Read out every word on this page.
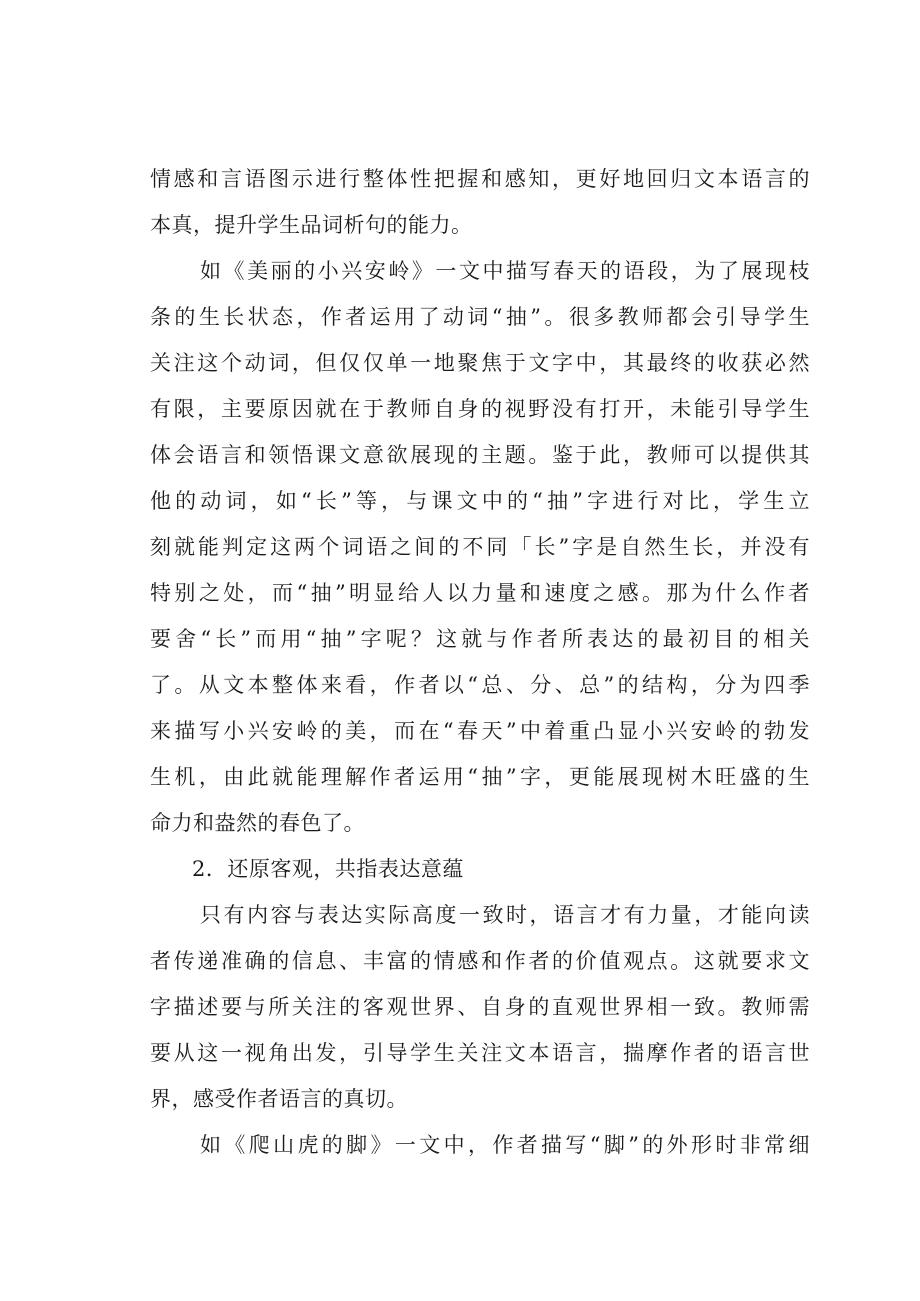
情感和言语图示进行整体性把握和感知，更好地回归文本语言的
本真，提升学生品词析句的能力。
如《美丽的小兴安岭》一文中描写春天的语段，为了展现枝
条的生长状态，作者运用了动词“抽”。很多教师都会引导学生
关注这个动词，但仅仅单一地聚焦于文字中，其最终的收获必然
有限，主要原因就在于教师自身的视野没有打开，未能引导学生
体会语言和领悟课文意欲展现的主题。鉴于此，教师可以提供其
他的动词，如“长”等，与课文中的“抽”字进行对比，学生立
刻就能判定这两个词语之间的不同「长”字是自然生长，并没有
特别之处，而“抽”明显给人以力量和速度之感。那为什么作者
要舍“长”而用“抽”字呢？这就与作者所表达的最初目的相关
了。从文本整体来看，作者以“总、分、总”的结构，分为四季
来描写小兴安岭的美，而在“春天”中着重凸显小兴安岭的勃发
生机，由此就能理解作者运用“抽”字，更能展现树木旺盛的生
命力和盎然的春色了。
2．还原客观，共指表达意蕴
只有内容与表达实际高度一致时，语言才有力量，才能向读
者传递准确的信息、丰富的情感和作者的价值观点。这就要求文
字描述要与所关注的客观世界、自身的直观世界相一致。教师需
要从这一视角出发，引导学生关注文本语言，揣摩作者的语言世
界，感受作者语言的真切。
如《爬山虎的脚》一文中，作者描写“脚”的外形时非常细
